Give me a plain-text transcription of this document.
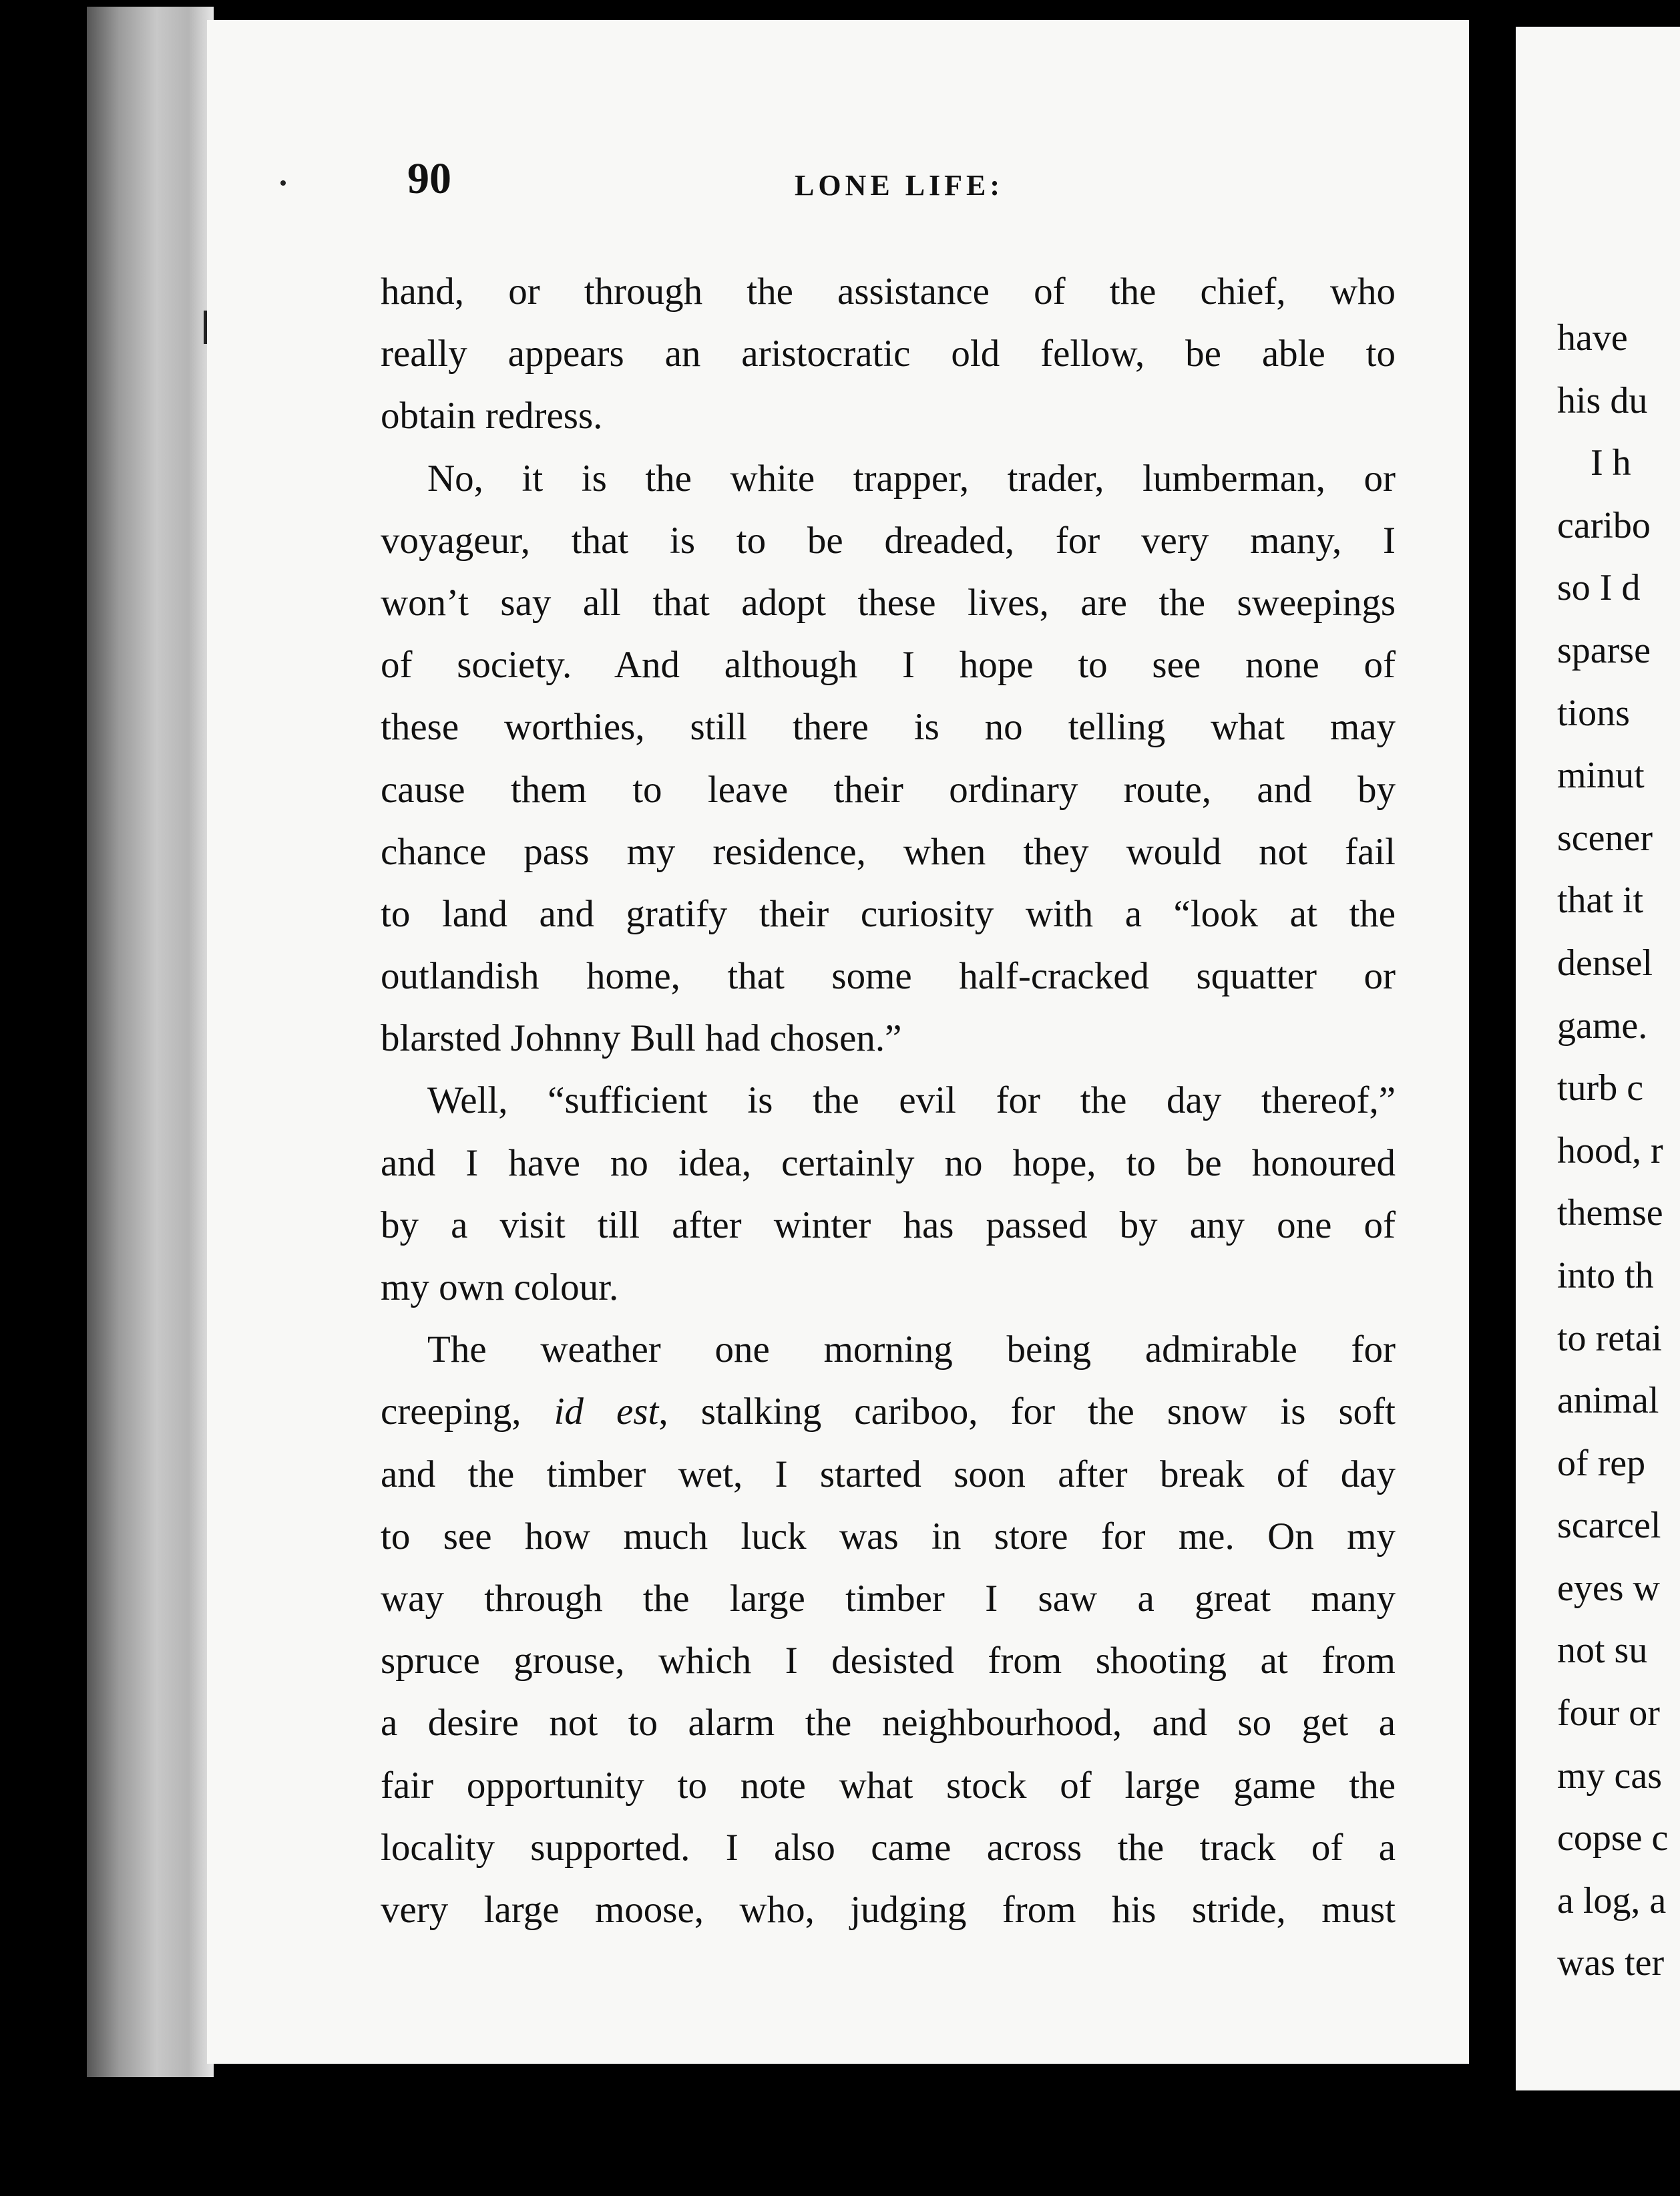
have
his du
I h
caribo
so I d
sparse
tions
minut
scener
that it
densel
game.
turb c
hood, r
themse
into th
to retai
animal
of rep
scarcel
eyes w
not su
four or
my cas
copse c
a log, a
was ter
90	LONE LIFE:
hand, or through the assistance of the chief, who
really appears an aristocratic old fellow, be able to
obtain redress.
No, it is the white trapper, trader, lumberman, or
voyageur, that is to be dreaded, for very many, I
won’t say all that adopt these lives, are the sweepings
of society. And although I hope to see none of
these worthies, still there is no telling what may
cause them to leave their ordinary route, and by
chance pass my residence, when they would not fail
to land and gratify their curiosity with a “look at the
outlandish home, that some half-cracked squatter or
blarsted Johnny Bull had chosen.”
Well, “sufficient is the evil for the day thereof,”
and I have no idea, certainly no hope, to be honoured
by a visit till after winter has passed by any one of
my own colour.
The weather one morning being admirable for
creeping, id est, stalking cariboo, for the snow is soft
and the timber wet, I started soon after break of day
to see how much luck was in store for me. On my
way through the large timber I saw a great many
spruce grouse, which I desisted from shooting at from
a desire not to alarm the neighbourhood, and so get a
fair opportunity to note what stock of large game the
locality supported. I also came across the track of a
very large moose, who, judging from his stride, must
